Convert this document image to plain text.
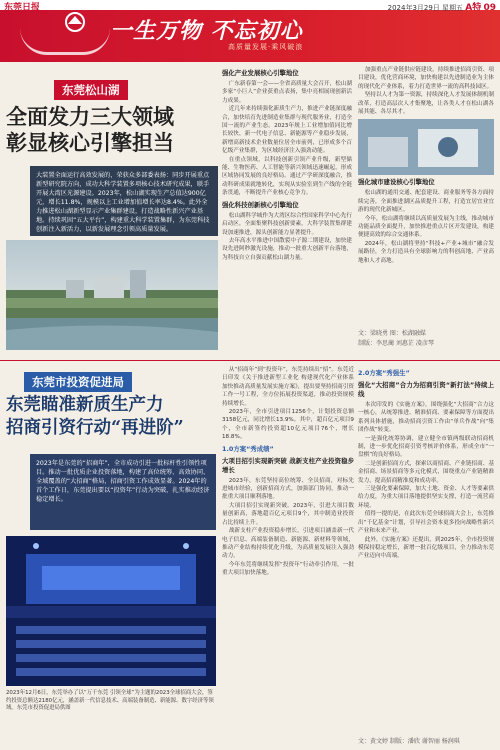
东莞日报	2024年3月29日 星期五 A特 09
一生万物 不忘初心
高质量发展·乘风破浪
东莞松山湖
全面发力三大领域
彰显核心引擎担当
大装置全面运行高效发展的，荣获众多部委表扬：同步开展重点新型研究院方向，成功大科学装置多项核心技术研究成果，联手开展大湾区光源建设。2023年，松山湖实现生产总值达900亿元，增长11.8%，规模以上工业增加值增长率达8.4%。此外全力推进松山湖新型显示产业集群建设，打造战略性新兴产业基地。持续巩固“五大平台”，构建重大科学装置集群，为东莞科技创新注入新活力，以新发展理念引领高质量发展。
强化产业发展核心引擎地位

广东新春第一会——全省高质量大会召开，松山湖多家“小巨人”企业获重点表扬，集中亮相展现创新活力成果。

近几年来持续强化新质生产力，推进产业链深度融合，加快培育先进制造业集群与现代服务业，打造全国一流的产业生态。2023年规上工业增加值同比增长较快，新一代电子信息、新能源等产业稳步发展，新增高新技术企业数量位居全市前列，已形成多个百亿级产业集群，为区域经济注入强劲动能。

在重点领域，以科技创新引领产业升级，新型储能、生物医药、人工智能等新兴领域迅速崛起，形成区域协同发展的良好格局。通过产学研深度融合，推动科研成果就地转化，实现从实验室到生产线的全链条贯通，不断提升产业核心竞争力。

强化科技创新核心引擎地位

松山湖科学城作为大湾区综合性国家科学中心先行启动区，全面集聚科技创新要素，大科学装置集群建设加速推进，源头创新能力显著提升。

去年高水平推进中国散裂中子源二期建设，加快建设先进阿秒激光设施，推动一批重大创新平台落地，为科技自立自强贡献松山湖力量。

加强重点产业链供应链建设，持续推进招商引资、项目建设，优化营商环境，加快构建以先进制造业为主体的现代化产业体系，着力打造世界一流的高科技园区。

坚持以人才为第一资源，持续深化人才发展体制机制改革，打造高层次人才集聚地，让各类人才在松山湖各展其能、各尽其才。

强化城市建设核心引擎地位

松山湖的通用交通、配套建设、商业服务等各方面持续完善，全面推进湖区品质提升工程，打造宜居宜业宜游的现代化新城区。

今年，松山湖将继续以高质量发展为主线，推动城市功能品质全面提升，加快推进重点片区开发建设，构建便捷高效的综合交通体系。

2024年，松山湖将坚持“科技+产业+城市”融合发展路径，全力打造具有全球影响力的科创高地、产业高地和人才高地。

文：梁晓勇 图：松湖融媒
制版：李思蔺 刘惠芷 凌彦琴
东莞市投资促进局
东莞瞄准新质生产力
招商引资行动“再进阶”
2023年是东莞的“招商年”，全市成功引进一批标杆性引领性项目。推动一批优质企业投资落地，构建了高位统筹、高效协同、全域覆盖的“大招商”格局，招商引资工作成效显著。2024年的首个工作日，东莞提出要以“投资年”行动为突破，扎实推动经济稳定增长。
2023年12月6日，东莞举办了以“万千东莞 引领全球”为主题的2023全球招商大会，签约投资总额达2180亿元，涵盖新一代信息技术、高端装备制造、新能源、数字经济等领域。东莞市投资促进局供图

从“招商年”到“投资年”，东莞持续出“招”。东莞近日印发《关于推进新型工业化 构建现代化产业体系 加快推动高质量发展实施方案》，提出要坚持招商引资工作一号工程，全方位拓展投资渠道，推动投资规模持续增长。

2023年，全市引进项目1256个，计划投资总额3158亿元，同比增长13.9%。其中，超百亿元项目9个，全市新签约投资超10亿元项目76个，增长18.8%。

1.0方案“秀成绩”
大项目招引实现新突破 战新支柱产业投资稳步增长

2023年，东莞坚持高位统筹、全员招商，对标先进城市经验，创新招商方式，加强部门协同，推动一批重大项目顺利落地。

大项目招引实现新突破。2023年，引进大项目数量创新高，落地超百亿元项目9个，其中制造业投资占比持续上升。

战新支柱产业投资稳步增长，引进项目涵盖新一代电子信息、高端装备制造、新能源、新材料等领域，推动产业结构持续优化升级，为高质量发展注入强劲动力。

今年东莞将继续发挥“投资年”行动牵引作用，一批重大项目加快落地。

2.0方案“秀强生”
强化“大招商”合力为招商引资“新打法”持续上线

本次印发的《实施方案》，围绕强化“大招商”合力这一核心，从统筹推进、精准招商、要素保障等方面提出系列具体措施，推动招商引资工作由“单兵作战”向“集团作战”转变。

一是强化统筹协调，建立健全市镇两级联动招商机制，进一步优化招商引资考核评价体系，形成全市“一盘棋”的良好格局。

二是创新招商方式，探索以商招商、产业链招商、基金招商、场景招商等多元化模式，围绕重点产业链精准发力，提高招商精准度和成功率。

三是强化要素保障，加大土地、资金、人才等要素供给力度，为重大项目落地提供坚实支撑，打造一流营商环境。

值得一提的是，在此次东莞全球招商大会上，东莞推出“千亿基金”计划，引导社会资本更多投向战略性新兴产业和未来产业。

此外，《实施方案》还提出，到2025年，全市投资规模保持稳定增长，新增一批百亿级项目，全力推动东莞产业迈向中高端。

文：黄文婷 制版：潘欣 谢智丽 杨润琪
